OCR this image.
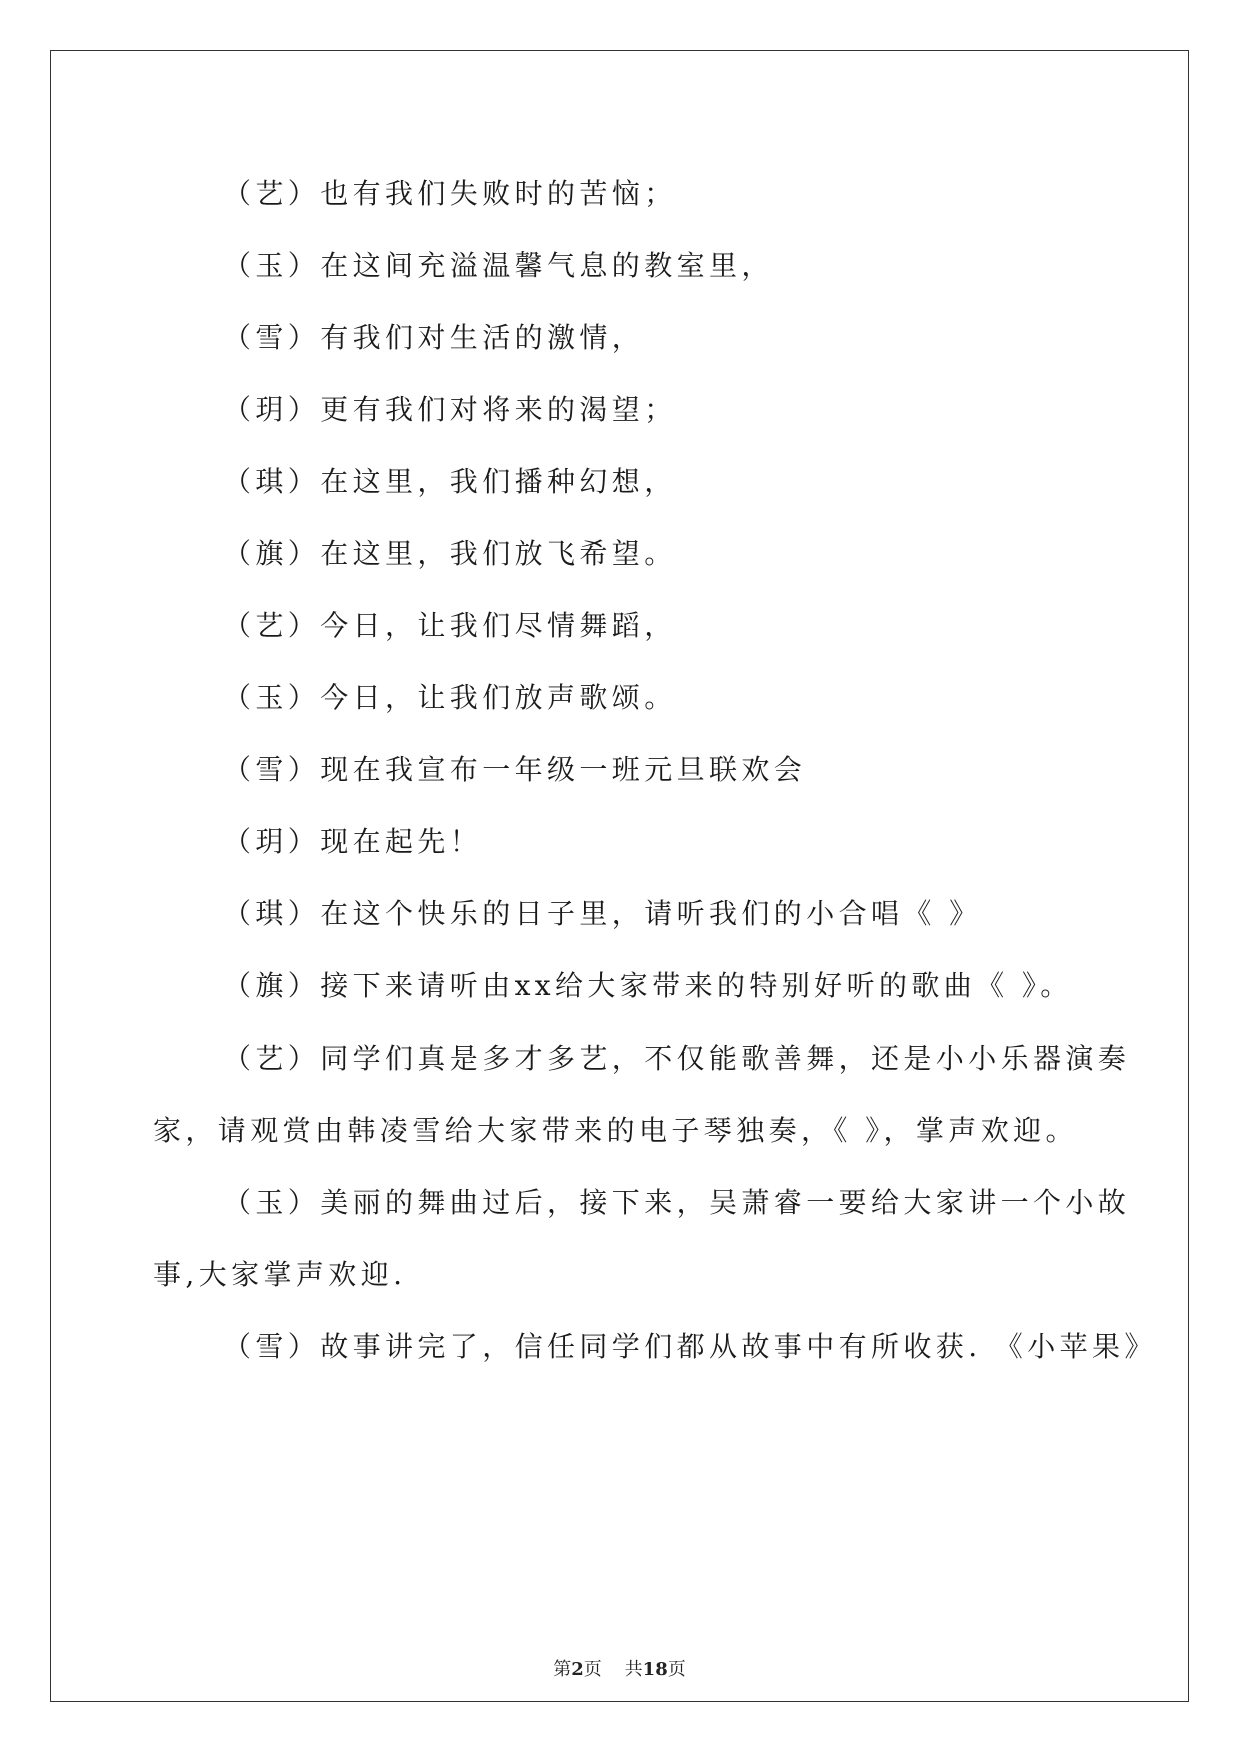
（艺）也有我们失败时的苦恼；
（玉）在这间充溢温馨气息的教室里，
（雪）有我们对生活的激情，
（玥）更有我们对将来的渴望；
（琪）在这里，我们播种幻想，
（旗）在这里，我们放飞希望。
（艺）今日，让我们尽情舞蹈，
（玉）今日，让我们放声歌颂。
（雪）现在我宣布一年级一班元旦联欢会
（玥）现在起先！
（琪）在这个快乐的日子里，请听我们的小合唱《 》
（旗）接下来请听由xx给大家带来的特别好听的歌曲《 》。
（艺）同学们真是多才多艺，不仅能歌善舞，还是小小乐器演奏
家，请观赏由韩凌雪给大家带来的电子琴独奏，《 》，掌声欢迎。
（玉）美丽的舞曲过后，接下来，吴萧睿一要给大家讲一个小故
事,大家掌声欢迎.
（雪）故事讲完了，信任同学们都从故事中有所收获. 《小苹果》
第2页 共18页
